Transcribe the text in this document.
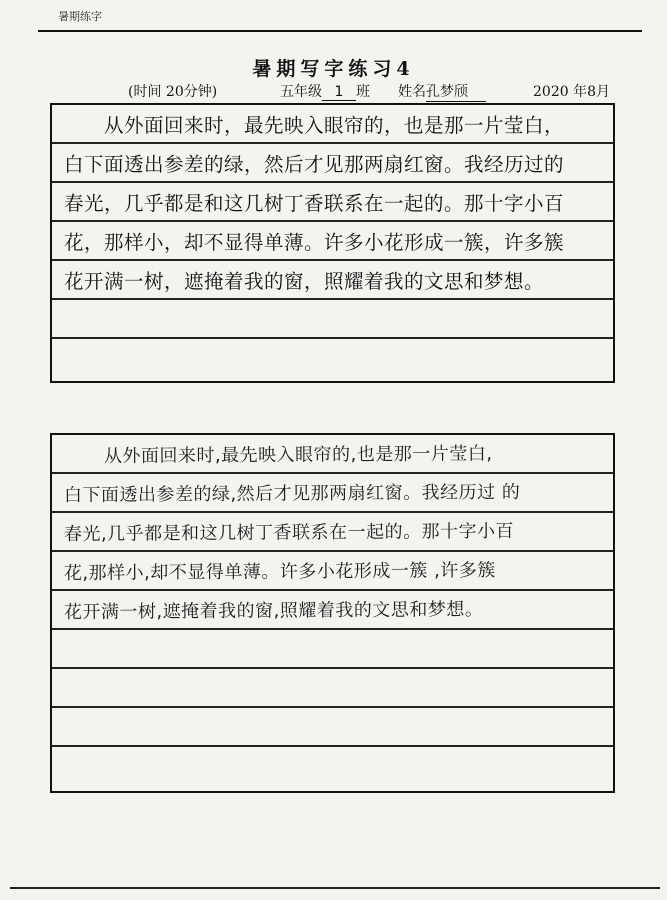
暑期练字
暑期写字练习4
(时间 20分钟)	五年级 1 班 姓名孔梦颀	2020 年8月
从外面回来时，最先映入眼帘的，也是那一片莹白，
白下面透出参差的绿，然后才见那两扇红窗。我经历过的
春光，几乎都是和这几树丁香联系在一起的。那十字小百
花，那样小，却不显得单薄。许多小花形成一簇，许多簇
花开满一树，遮掩着我的窗，照耀着我的文思和梦想。
从外面回来时,最先映入眼帘的,也是那一片莹白,
白下面透出参差的绿,然后才见那两扇红窗。我经历过 的
春光,几乎都是和这几树丁香联系在一起的。那十字小百
花,那样小,却不显得单薄。许多小花形成一簇 ,许多簇
花开满一树,遮掩着我的窗,照耀着我的文思和梦想。
